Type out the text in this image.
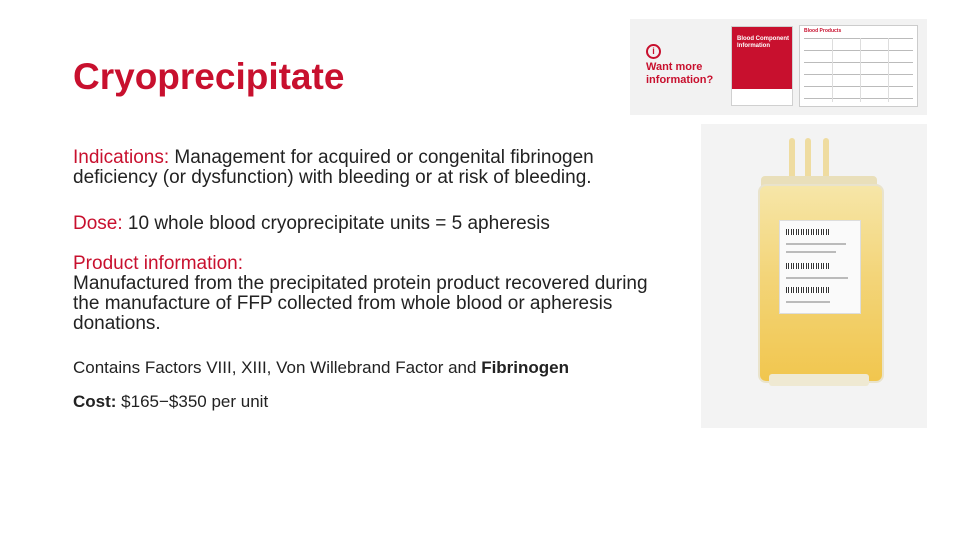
Cryoprecipitate

Indications: Management for acquired or congenital fibrinogen deficiency (or dysfunction) with bleeding or at risk of bleeding.

Dose: 10 whole blood cryoprecipitate units = 5 apheresis

Product information:
Manufactured from the precipitated protein product recovered during the manufacture of FFP collected from whole blood or apheresis donations.

Contains Factors VIII, XIII, Von Willebrand Factor and Fibrinogen

Cost: $165−$350 per unit

i
Want more information?
Blood Component Information
Blood Products
